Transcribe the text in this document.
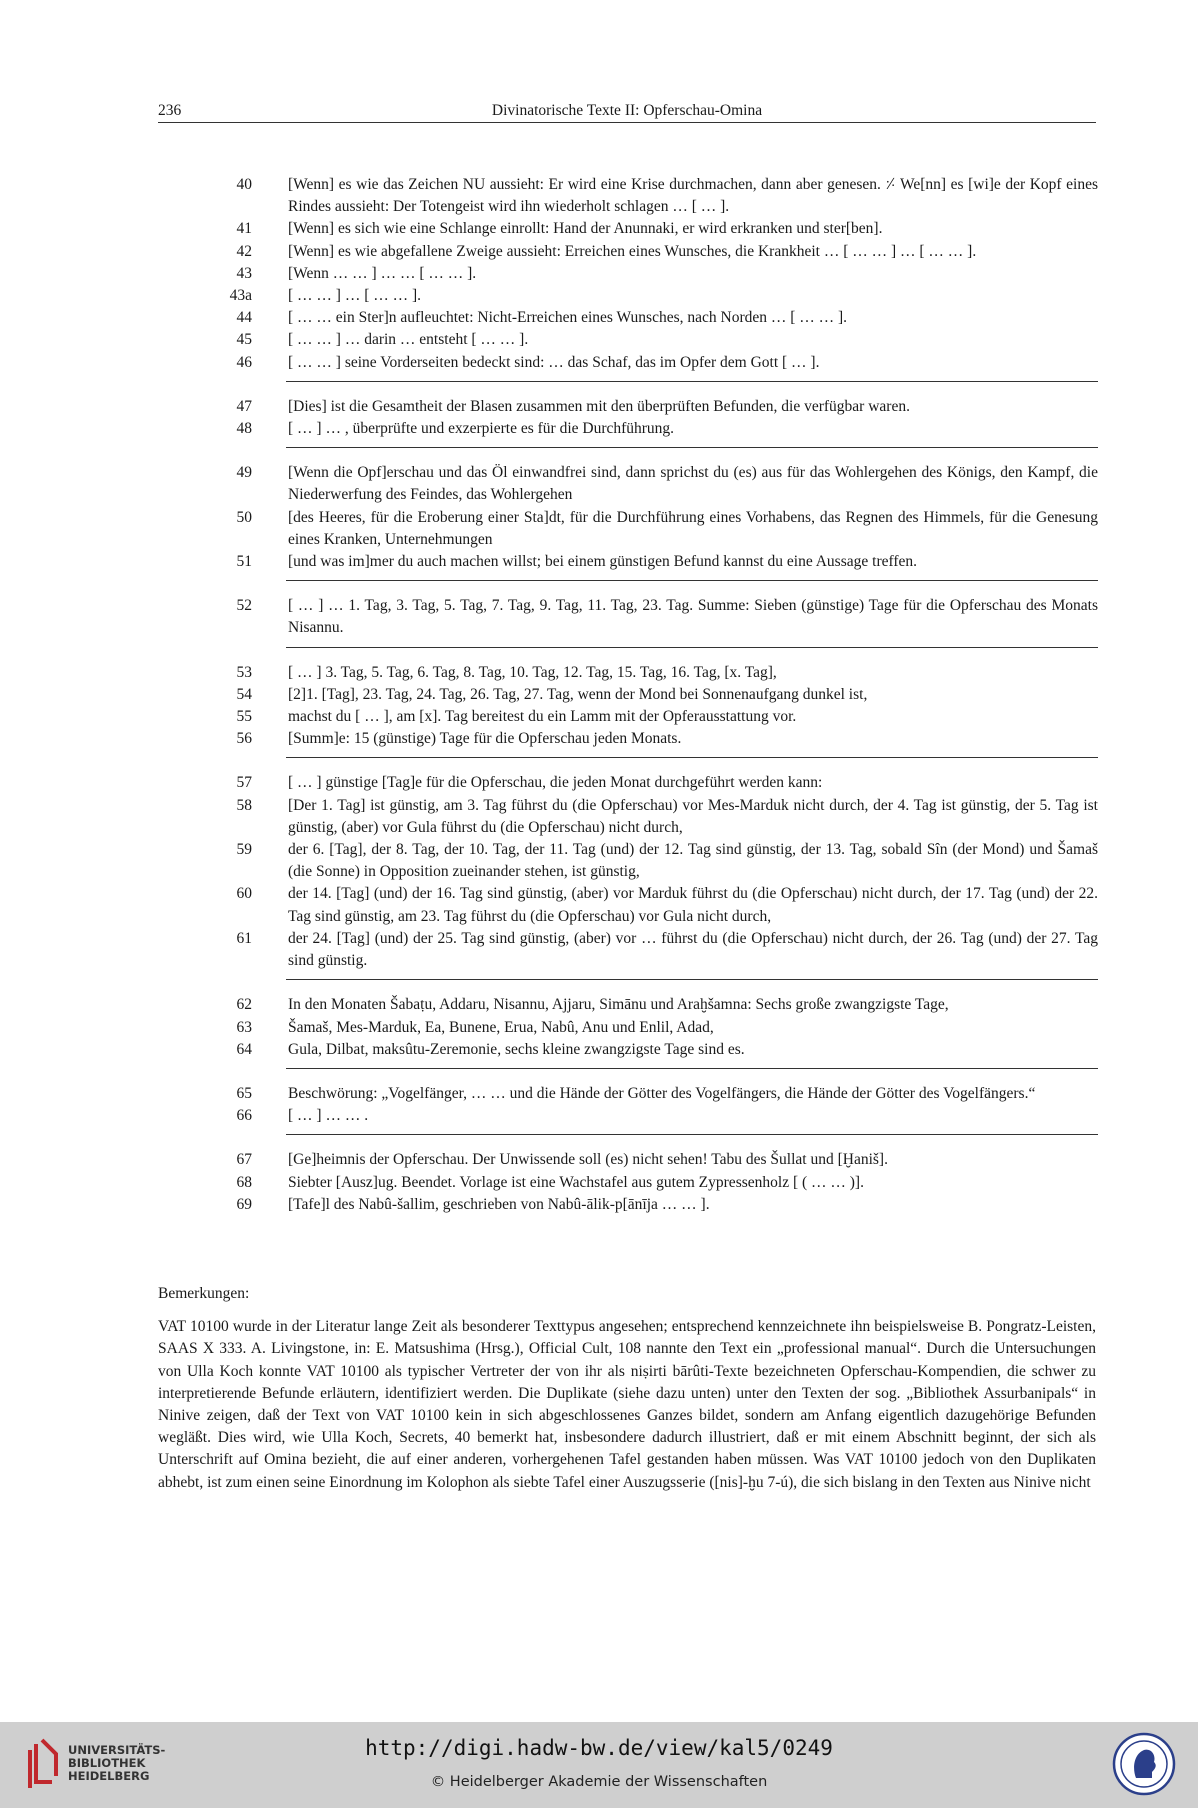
236	Divinatorische Texte II: Opferschau-Omina
40 [Wenn] es wie das Zeichen NU aussieht: Er wird eine Krise durchmachen, dann aber genesen. ⸓ We[nn] es [wi]e der Kopf eines Rindes aussieht: Der Totengeist wird ihn wiederholt schlagen … [ … ].
41 [Wenn] es sich wie eine Schlange einrollt: Hand der Anunnaki, er wird erkranken und ster[ben].
42 [Wenn] es wie abgefallene Zweige aussieht: Erreichen eines Wunsches, die Krankheit … [ … … ] … [ … … ].
43 [Wenn … … ] … … [ … … ].
43a [ … … ] … [ … … ].
44 [ … … ein Ster]n aufleuchtet: Nicht-Erreichen eines Wunsches, nach Norden … [ … … ].
45 [ … … ] … darin … entsteht [ … … ].
46 [ … … ] seine Vorderseiten bedeckt sind: … das Schaf, das im Opfer dem Gott [ … ].
47 [Dies] ist die Gesamtheit der Blasen zusammen mit den überprüften Befunden, die verfügbar waren.
48 [ … ] … , überprüfte und exzerpierte es für die Durchführung.
49 [Wenn die Opf]erschau und das Öl einwandfrei sind, dann sprichst du (es) aus für das Wohlergehen des Königs, den Kampf, die Niederwerfung des Feindes, das Wohlergehen
50 [des Heeres, für die Eroberung einer Sta]dt, für die Durchführung eines Vorhabens, das Regnen des Himmels, für die Genesung eines Kranken, Unternehmungen
51 [und was im]mer du auch machen willst; bei einem günstigen Befund kannst du eine Aussage treffen.
52 [ … ] … 1. Tag, 3. Tag, 5. Tag, 7. Tag, 9. Tag, 11. Tag, 23. Tag. Summe: Sieben (günstige) Tage für die Opferschau des Monats Nisannu.
53 [ … ] 3. Tag, 5. Tag, 6. Tag, 8. Tag, 10. Tag, 12. Tag, 15. Tag, 16. Tag, [x. Tag],
54 [2]1. [Tag], 23. Tag, 24. Tag, 26. Tag, 27. Tag, wenn der Mond bei Sonnenaufgang dunkel ist,
55 machst du [ … ], am [x]. Tag bereitest du ein Lamm mit der Opferausstattung vor.
56 [Summ]e: 15 (günstige) Tage für die Opferschau jeden Monats.
57 [ … ] günstige [Tag]e für die Opferschau, die jeden Monat durchgeführt werden kann:
58 [Der 1. Tag] ist günstig, am 3. Tag führst du (die Opferschau) vor Mes-Marduk nicht durch, der 4. Tag ist günstig, der 5. Tag ist günstig, (aber) vor Gula führst du (die Opferschau) nicht durch,
59 der 6. [Tag], der 8. Tag, der 10. Tag, der 11. Tag (und) der 12. Tag sind günstig, der 13. Tag, sobald Sîn (der Mond) und Šamaš (die Sonne) in Opposition zueinander stehen, ist günstig,
60 der 14. [Tag] (und) der 16. Tag sind günstig, (aber) vor Marduk führst du (die Opferschau) nicht durch, der 17. Tag (und) der 22. Tag sind günstig, am 23. Tag führst du (die Opferschau) vor Gula nicht durch,
61 der 24. [Tag] (und) der 25. Tag sind günstig, (aber) vor … führst du (die Opferschau) nicht durch, der 26. Tag (und) der 27. Tag sind günstig.
62 In den Monaten Šabaṭu, Addaru, Nisannu, Ajjaru, Simānu und Araḫšamna: Sechs große zwangzigste Tage,
63 Šamaš, Mes-Marduk, Ea, Bunene, Erua, Nabû, Anu und Enlil, Adad,
64 Gula, Dilbat, maksûtu-Zeremonie, sechs kleine zwangzigste Tage sind es.
65 Beschwörung: „Vogelfänger, … … und die Hände der Götter des Vogelfängers, die Hände der Götter des Vogelfängers.“
66 [ … ] … … .
67 [Ge]heimnis der Opferschau. Der Unwissende soll (es) nicht sehen! Tabu des Šullat und [Ḫaniš].
68 Siebter [Ausz]ug. Beendet. Vorlage ist eine Wachstafel aus gutem Zypressenholz [ ( … … )].
69 [Tafe]l des Nabû-šallim, geschrieben von Nabû-ālik-p[ānīja … … ].
Bemerkungen:
VAT 10100 wurde in der Literatur lange Zeit als besonderer Texttypus angesehen; entsprechend kennzeichnete ihn beispielsweise B. Pongratz-Leisten, SAAS X 333. A. Livingstone, in: E. Matsushima (Hrsg.), Official Cult, 108 nannte den Text ein „professional manual“. Durch die Untersuchungen von Ulla Koch konnte VAT 10100 als typischer Vertreter der von ihr als niṣirti bārûti-Texte bezeichneten Opferschau-Kompendien, die schwer zu interpretierende Befunde erläutern, identifiziert werden. Die Duplikate (siehe dazu unten) unter den Texten der sog. „Bibliothek Assurbanipals“ in Ninive zeigen, daß der Text von VAT 10100 kein in sich abgeschlossenes Ganzes bildet, sondern am Anfang eigentlich dazugehörige Befunden wegläßt. Dies wird, wie Ulla Koch, Secrets, 40 bemerkt hat, insbesondere dadurch illustriert, daß er mit einem Abschnitt beginnt, der sich als Unterschrift auf Omina bezieht, die auf einer anderen, vorhergehenen Tafel gestanden haben müssen. Was VAT 10100 jedoch von den Duplikaten abhebt, ist zum einen seine Einordnung im Kolophon als siebte Tafel einer Auszugsserie ([nis]-ḫu 7-ú), die sich bislang in den Texten aus Ninive nicht
UNIVERSITÄTS-
BIBLIOTHEK
HEIDELBERG
http://digi.hadw-bw.de/view/kal5/0249
© Heidelberger Akademie der Wissenschaften
